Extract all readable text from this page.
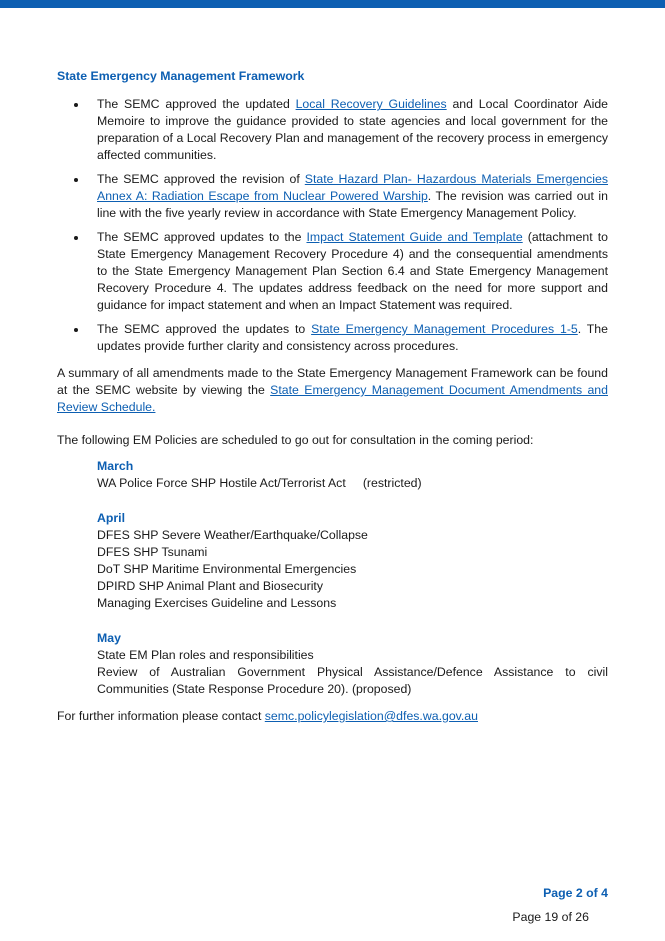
State Emergency Management Framework
The SEMC approved the updated Local Recovery Guidelines and Local Coordinator Aide Memoire to improve the guidance provided to state agencies and local government for the preparation of a Local Recovery Plan and management of the recovery process in emergency affected communities.
The SEMC approved the revision of State Hazard Plan- Hazardous Materials Emergencies Annex A: Radiation Escape from Nuclear Powered Warship. The revision was carried out in line with the five yearly review in accordance with State Emergency Management Policy.
The SEMC approved updates to the Impact Statement Guide and Template (attachment to State Emergency Management Recovery Procedure 4) and the consequential amendments to the State Emergency Management Plan Section 6.4 and State Emergency Management Recovery Procedure 4. The updates address feedback on the need for more support and guidance for impact statement and when an Impact Statement was required.
The SEMC approved the updates to State Emergency Management Procedures 1-5. The updates provide further clarity and consistency across procedures.

A summary of all amendments made to the State Emergency Management Framework can be found at the SEMC website by viewing the State Emergency Management Document Amendments and Review Schedule.

The following EM Policies are scheduled to go out for consultation in the coming period:

March
WA Police Force SHP Hostile Act/Terrorist Act     (restricted)
April
DFES SHP Severe Weather/Earthquake/Collapse
DFES SHP Tsunami
DoT SHP Maritime Environmental Emergencies
DPIRD SHP Animal Plant and Biosecurity
Managing Exercises Guideline and Lessons
May
State EM Plan roles and responsibilities
Review of Australian Government Physical Assistance/Defence Assistance to civil Communities (State Response Procedure 20). (proposed)

For further information please contact semc.policylegislation@dfes.wa.gov.au

Page 2 of 4
Page 19 of 26
